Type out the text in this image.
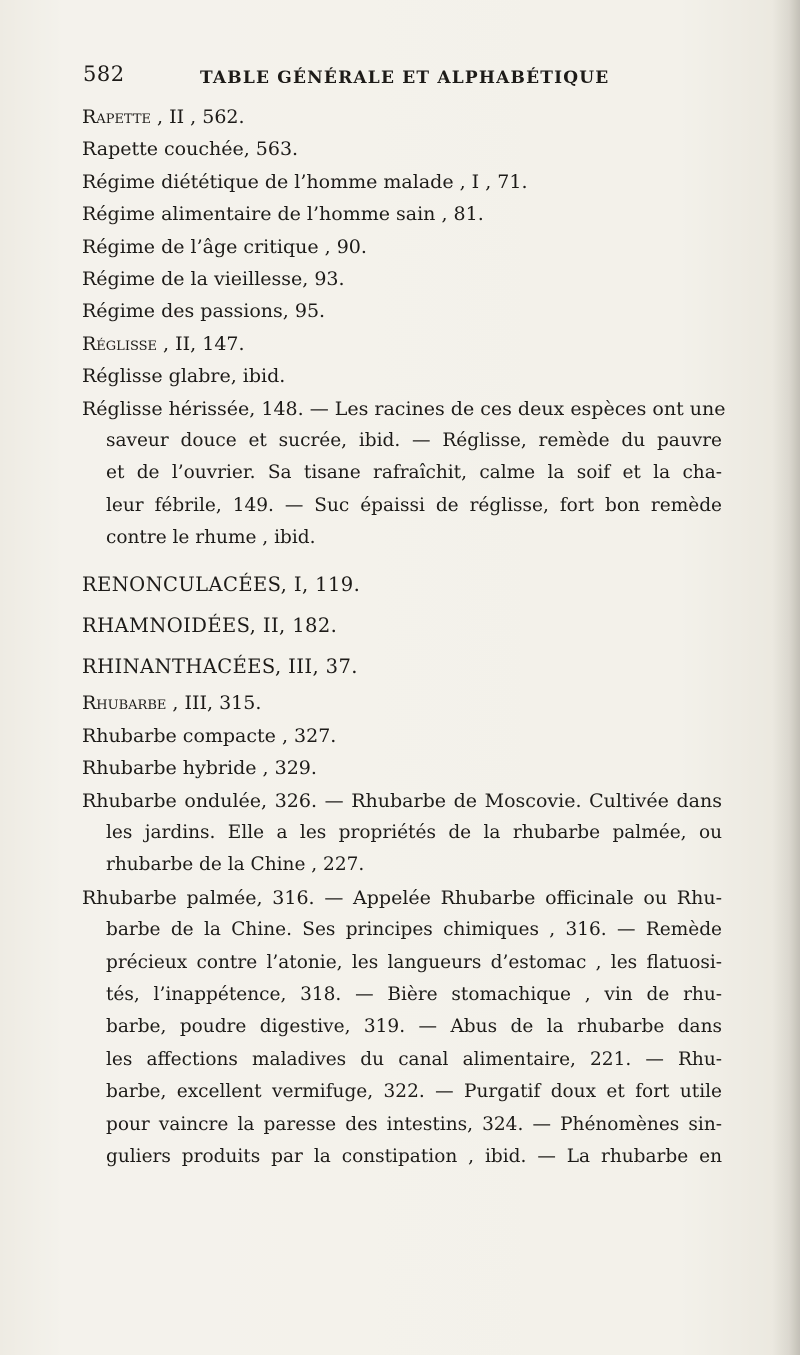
582	TABLE GÉNÉRALE ET ALPHABÉTIQUE
Rapette , II , 562.
Rapette couchée, 563.
Régime diététique de l’homme malade , I , 71.
Régime alimentaire de l’homme sain , 81.
Régime de l’âge critique , 90.
Régime de la vieillesse, 93.
Régime des passions, 95.
Réglisse , II, 147.
Réglisse glabre, ibid.
Réglisse hérissée, 148. — Les racines de ces deux espèces ont une
saveur douce et sucrée, ibid. — Réglisse, remède du pauvre
et de l’ouvrier. Sa tisane rafraîchit, calme la soif et la cha-
leur fébrile, 149. — Suc épaissi de réglisse, fort bon remède
contre le rhume , ibid.
RENONCULACÉES, I, 119.
RHAMNOIDÉES, II, 182.
RHINANTHACÉES, III, 37.
Rhubarbe , III, 315.
Rhubarbe compacte , 327.
Rhubarbe hybride , 329.
Rhubarbe ondulée, 326. — Rhubarbe de Moscovie. Cultivée dans
les jardins. Elle a les propriétés de la rhubarbe palmée, ou
rhubarbe de la Chine , 227.
Rhubarbe palmée, 316. — Appelée Rhubarbe officinale ou Rhu-
barbe de la Chine. Ses principes chimiques , 316. — Remède
précieux contre l’atonie, les langueurs d’estomac , les flatuosi-
tés, l’inappétence, 318. — Bière stomachique , vin de rhu-
barbe, poudre digestive, 319. — Abus de la rhubarbe dans
les affections maladives du canal alimentaire, 221. — Rhu-
barbe, excellent vermifuge, 322. — Purgatif doux et fort utile
pour vaincre la paresse des intestins, 324. — Phénomènes sin-
guliers produits par la constipation , ibid. — La rhubarbe en
